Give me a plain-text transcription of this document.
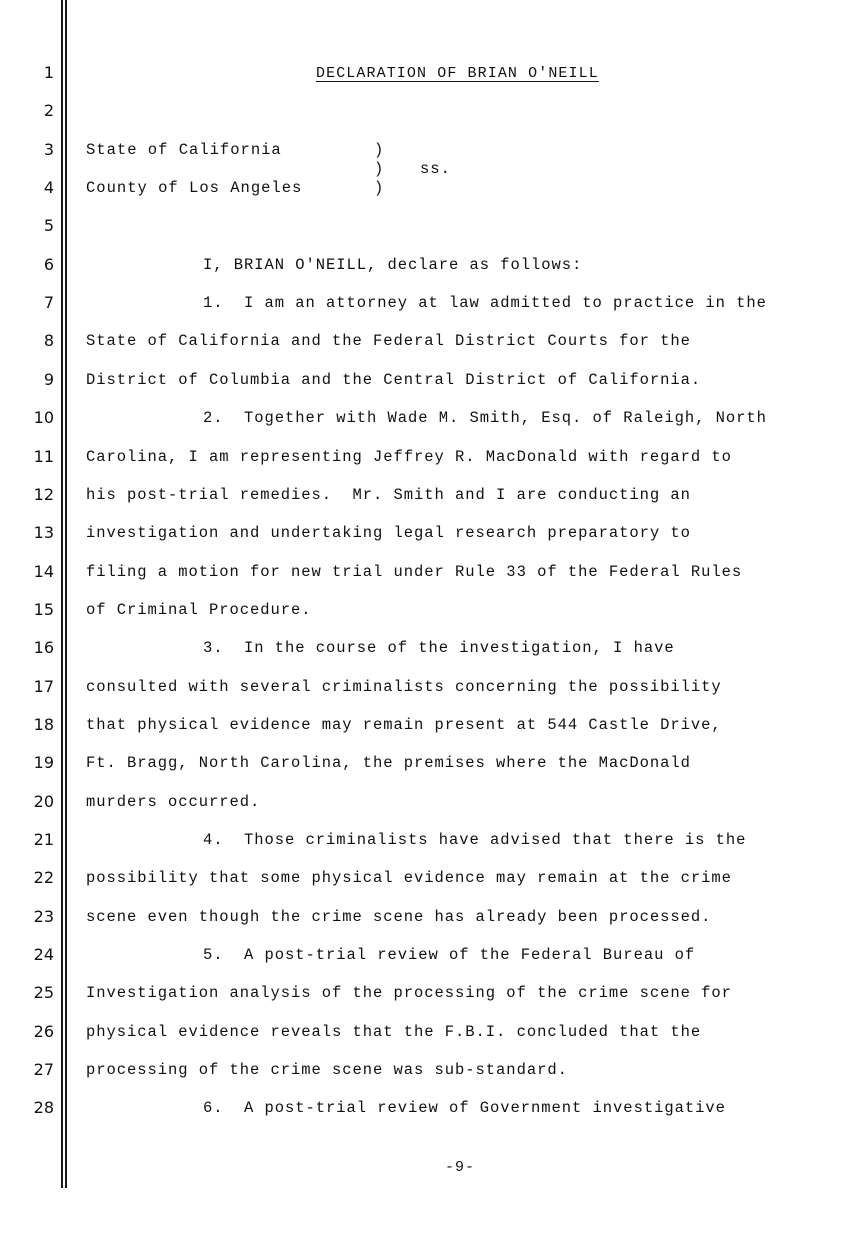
1
2
3
4
5
6
7
8
9
10
11
12
13
14
15
16
17
18
19
20
21
22
23
24
25
26
27
28
DECLARATION OF BRIAN O'NEILL
State of California
County of Los Angeles
)
)
)
ss.
I, BRIAN O'NEILL, declare as follows:
1.  I am an attorney at law admitted to practice in the
State of California and the Federal District Courts for the
District of Columbia and the Central District of California.
2.  Together with Wade M. Smith, Esq. of Raleigh, North
Carolina, I am representing Jeffrey R. MacDonald with regard to
his post-trial remedies.  Mr. Smith and I are conducting an
investigation and undertaking legal research preparatory to
filing a motion for new trial under Rule 33 of the Federal Rules
of Criminal Procedure.
3.  In the course of the investigation, I have
consulted with several criminalists concerning the possibility
that physical evidence may remain present at 544 Castle Drive,
Ft. Bragg, North Carolina, the premises where the MacDonald
murders occurred.
4.  Those criminalists have advised that there is the
possibility that some physical evidence may remain at the crime
scene even though the crime scene has already been processed.
5.  A post-trial review of the Federal Bureau of
Investigation analysis of the processing of the crime scene for
physical evidence reveals that the F.B.I. concluded that the
processing of the crime scene was sub-standard.
6.  A post-trial review of Government investigative
-9-
